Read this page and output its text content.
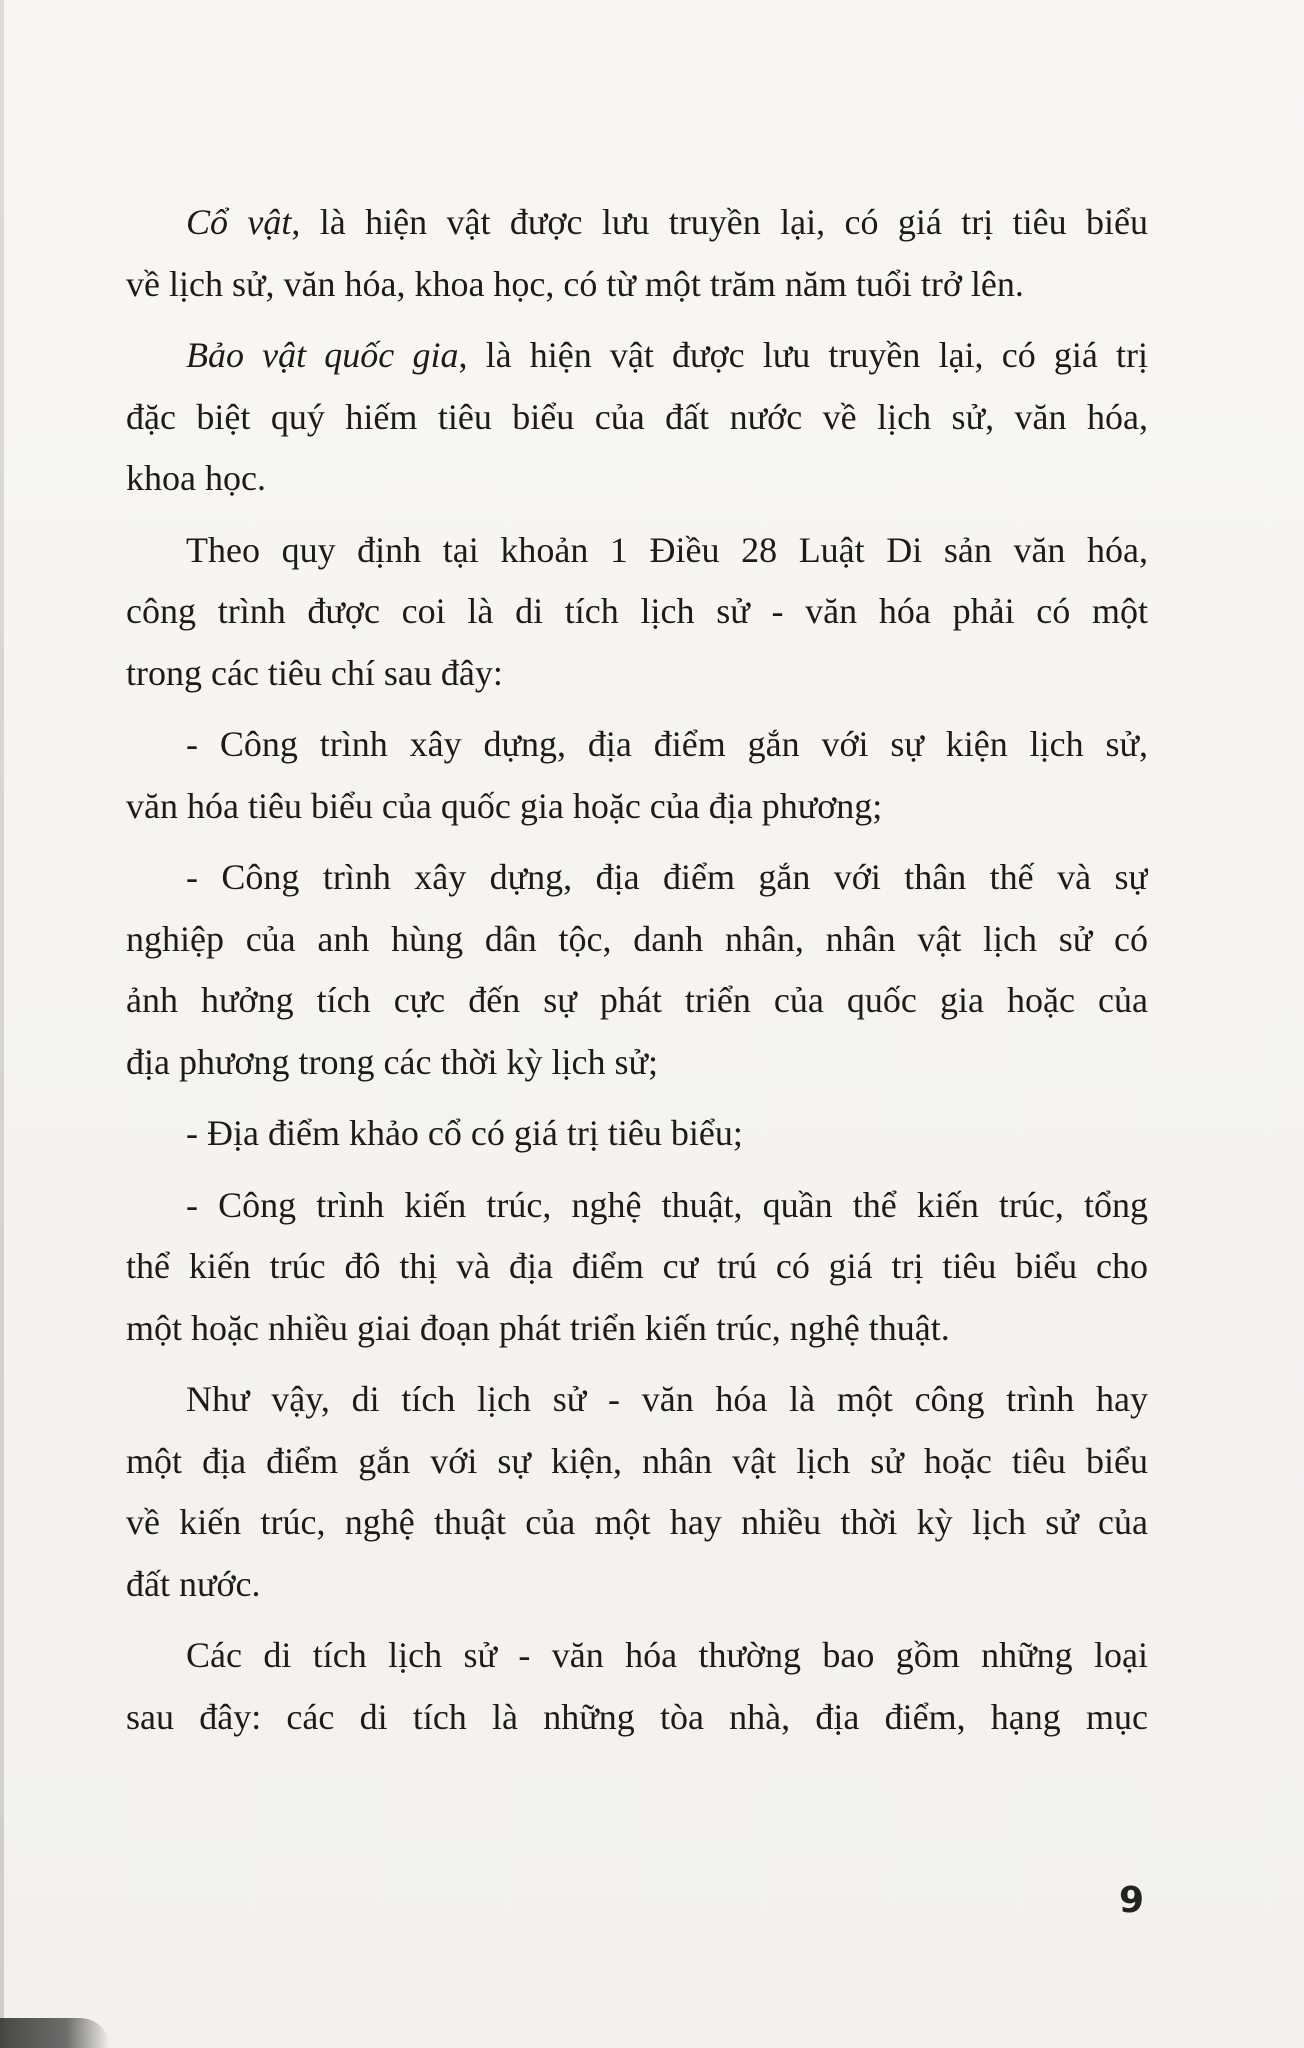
Cổ vật, là hiện vật được lưu truyền lại, có giá trị tiêu biểu
về lịch sử, văn hóa, khoa học, có từ một trăm năm tuổi trở lên.

Bảo vật quốc gia, là hiện vật được lưu truyền lại, có giá trị
đặc biệt quý hiếm tiêu biểu của đất nước về lịch sử, văn hóa,
khoa học.

Theo quy định tại khoản 1 Điều 28 Luật Di sản văn hóa,
công trình được coi là di tích lịch sử - văn hóa phải có một
trong các tiêu chí sau đây:

- Công trình xây dựng, địa điểm gắn với sự kiện lịch sử,
văn hóa tiêu biểu của quốc gia hoặc của địa phương;

- Công trình xây dựng, địa điểm gắn với thân thế và sự
nghiệp của anh hùng dân tộc, danh nhân, nhân vật lịch sử có
ảnh hưởng tích cực đến sự phát triển của quốc gia hoặc của
địa phương trong các thời kỳ lịch sử;

- Địa điểm khảo cổ có giá trị tiêu biểu;

- Công trình kiến trúc, nghệ thuật, quần thể kiến trúc, tổng
thể kiến trúc đô thị và địa điểm cư trú có giá trị tiêu biểu cho
một hoặc nhiều giai đoạn phát triển kiến trúc, nghệ thuật.

Như vậy, di tích lịch sử - văn hóa là một công trình hay
một địa điểm gắn với sự kiện, nhân vật lịch sử hoặc tiêu biểu
về kiến trúc, nghệ thuật của một hay nhiều thời kỳ lịch sử của
đất nước.

Các di tích lịch sử - văn hóa thường bao gồm những loại
sau đây: các di tích là những tòa nhà, địa điểm, hạng mục

9
